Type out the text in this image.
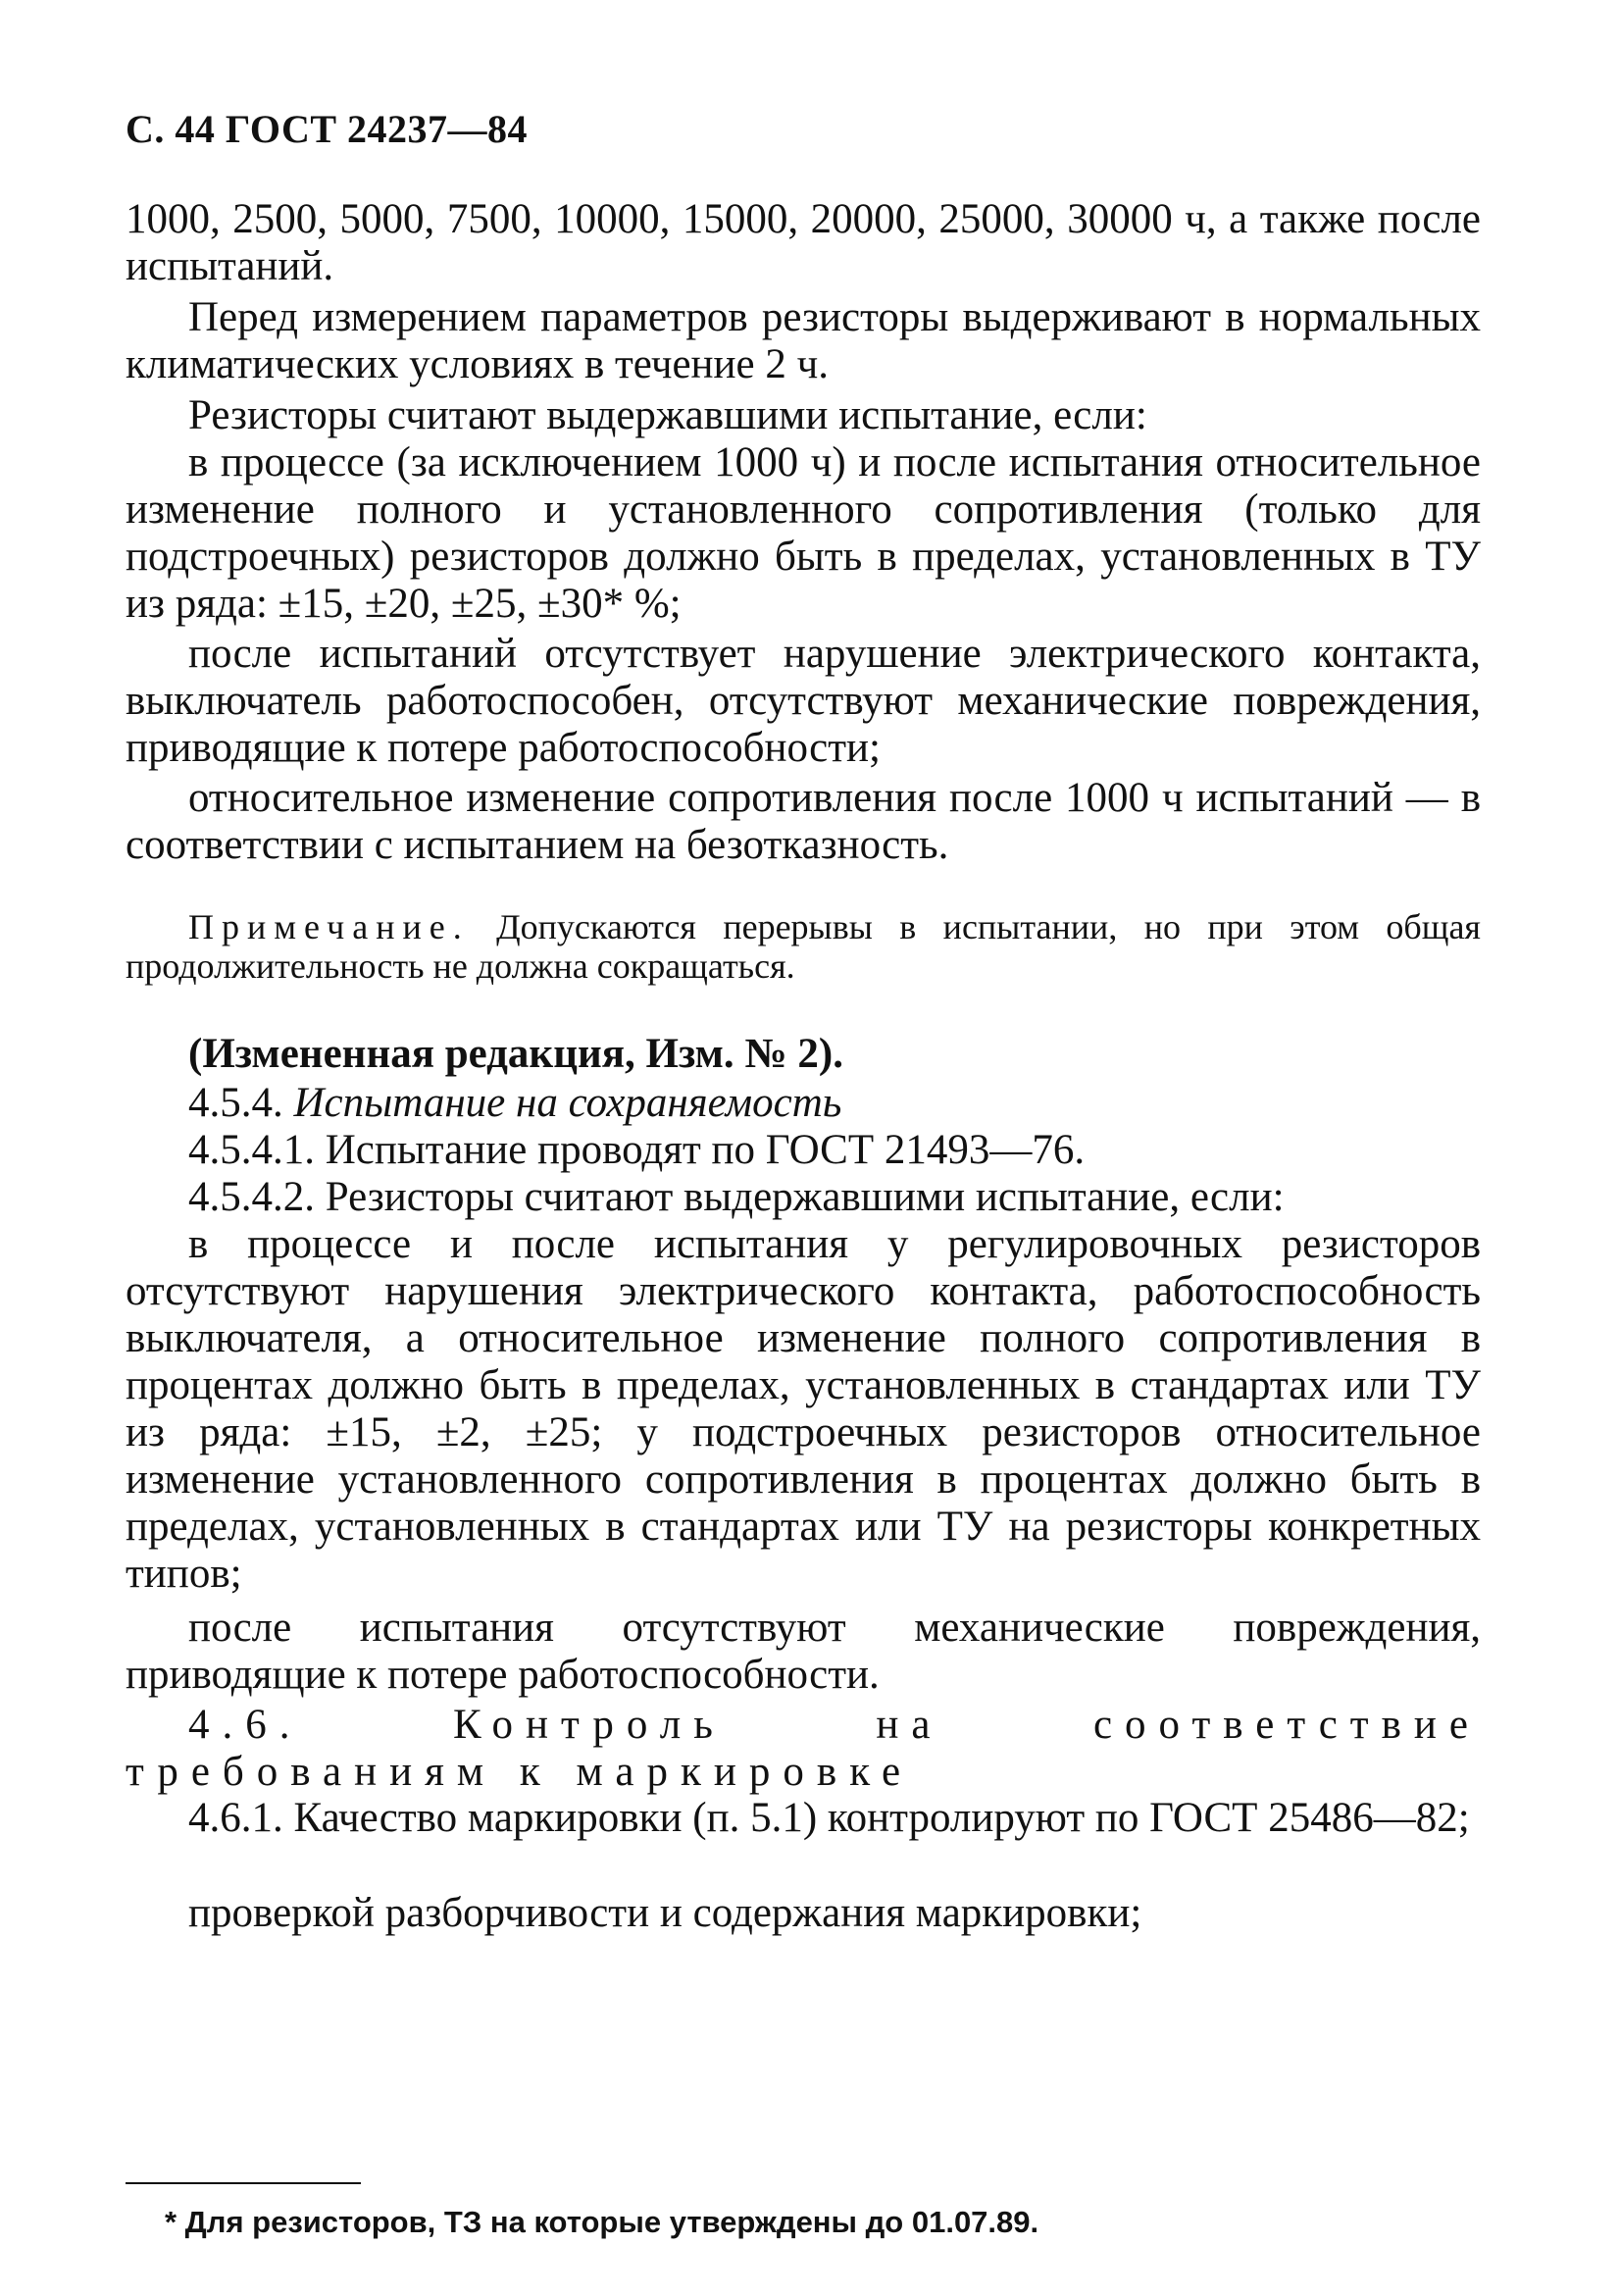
С. 44 ГОСТ 24237—84
1000, 2500, 5000, 7500, 10000, 15000, 20000, 25000, 30000 ч, а также после испытаний.
Перед измерением параметров резисторы выдерживают в нормальных климатических условиях в течение 2 ч.
Резисторы считают выдержавшими испытание, если:
в процессе (за исключением 1000 ч) и после испытания относительное изменение полного и установленного сопротивления (только для подстроечных) резисторов должно быть в пределах, установленных в ТУ из ряда: ±15, ±20, ±25, ±30* %;
после испытаний отсутствует нарушение электрического контакта, выключатель работоспособен, отсутствуют механические повреждения, приводящие к потере работоспособности;
относительное изменение сопротивления после 1000 ч испытаний — в соответствии с испытанием на безотказность.
Примечание. Допускаются перерывы в испытании, но при этом общая продолжительность не должна сокращаться.
(Измененная редакция, Изм. № 2).
4.5.4. Испытание на сохраняемость
4.5.4.1. Испытание проводят по ГОСТ 21493—76.
4.5.4.2. Резисторы считают выдержавшими испытание, если:
в процессе и после испытания у регулировочных резисторов отсутствуют нарушения электрического контакта, работоспособность выключателя, а относительное изменение полного сопротивления в процентах должно быть в пределах, установленных в стандартах или ТУ из ряда: ±15, ±2, ±25; у подстроечных резисторов относительное изменение установленного сопротивления в процентах должно быть в пределах, установленных в стандартах или ТУ на резисторы конкретных типов;
после испытания отсутствуют механические повреждения, приводящие к потере работоспособности.
4.6. Контроль на соответствие требованиям к маркировке
4.6.1. Качество маркировки (п. 5.1) контролируют по ГОСТ 25486—82;
проверкой разборчивости и содержания маркировки;
* Для резисторов, ТЗ на которые утверждены до 01.07.89.
